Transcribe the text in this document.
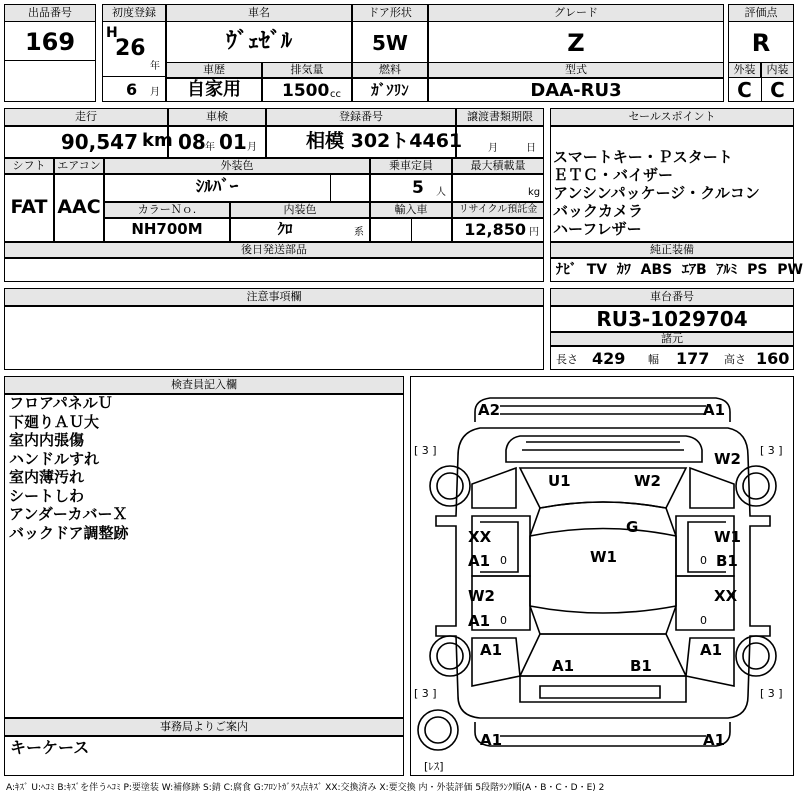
出品番号
169
初度登録
H
26
年
6 月
車名
ｳﾞｪｾﾞﾙ
ドア形状
5W
グレード
Z
評価点
R
外装	内装
C C
車歴
自家用
排気量
1500 cc
燃料
ｶﾞｿﾘﾝ
型式
DAA-RU3
走行
90,547 km
車検
08 年 01 月
登録番号
相模 302ト4461
譲渡書類期限
月	日
シフト
FAT
エアコン
AAC
外装色
ｼﾙﾊﾞｰ
乗車定員
5 人
最大積載量
kg
カラーＮｏ.
NH700M
内装色
ｸﾛ	系
輸入車	リサイクル預託金
12,850 円
後日発送部品
セールスポイント
スマートキー・Ｐスタート
ＥＴＣ・バイザー
アンシンパッケージ・クルコン
バックカメラ
ハーフレザー
純正装備
ﾅﾋﾞ TV ｶﾜ ABS ｴｱB ｱﾙﾐ PS PW
注意事項欄	車台番号
RU3-1029704
諸元
長さ 429 幅 177 高さ 160
検査員記入欄
フロアパネルＵ
下廻りＡＵ大
室内内張傷
ハンドルすれ
室内薄汚れ
シートしわ
アンダーカバーＸ
バックドア調整跡
事務局よりご案内
キーケース
[ 3 ]	[ 3 ]
[ 3 ]	[ 3 ]
[ﾚｽ]
A2	A1
U1	W2
W2
G
W1
XX
A1
W1
B1
W2
A1
XX
A1	A1
A1	B1
A1	A1
0	0
0	0
A:ｷｽﾞ U:ﾍｺﾐ B:ｷｽﾞを伴うﾍｺﾐ P:要塗装 W:補修跡 S:錆 C:腐食 G:ﾌﾛﾝﾄｶﾞﾗｽ点ｷｽﾞ XX:交換済み X:要交換 内・外装評価 5段階ﾗﾝｸ順(A・B・C・D・E) 2
